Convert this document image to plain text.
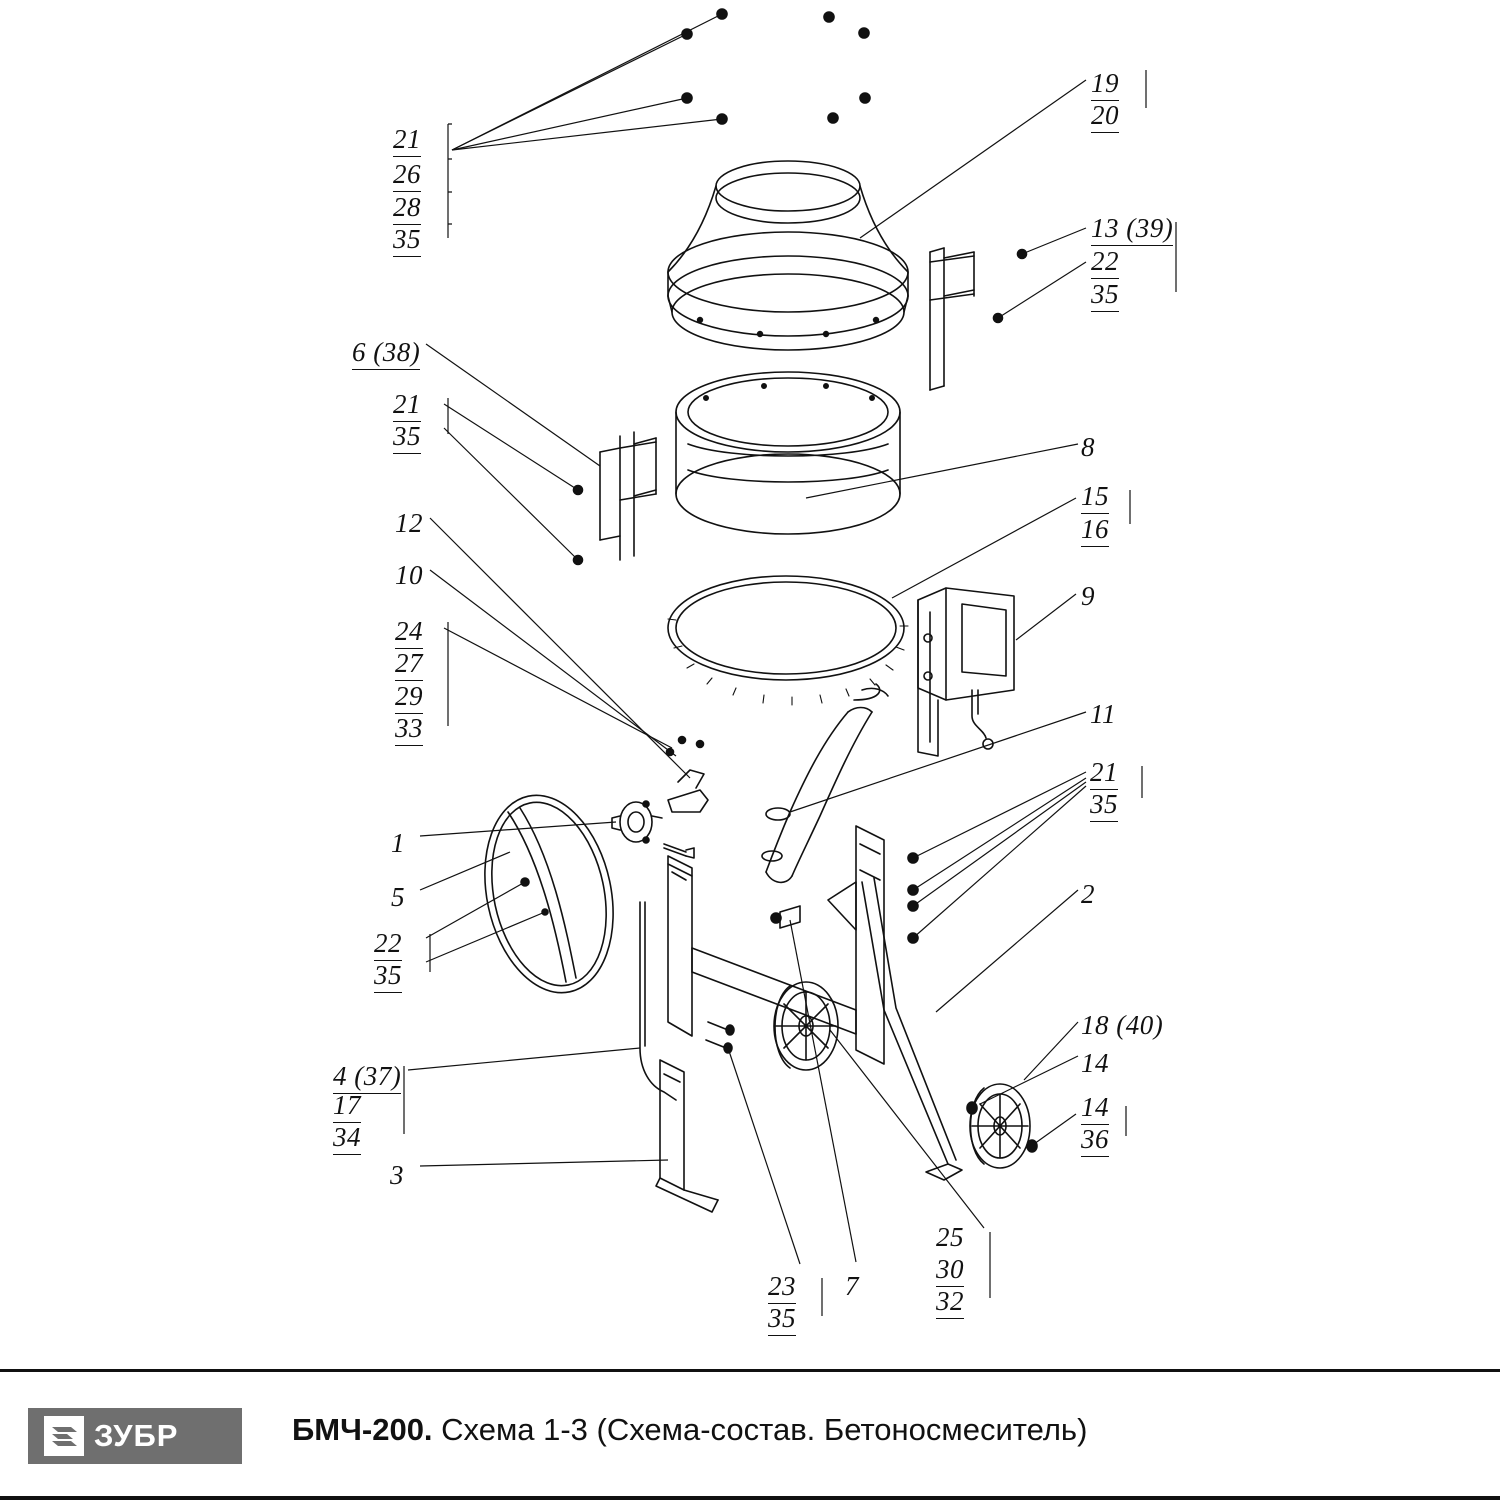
21
26
28
35
19
20
13 (39)
22
35
6 (38)
21
35	8
15
16
9
12
10
24
27
29
33	11
21
35
1
5
22
35
2
14
18 (40)
14
36
4 (37)
17
34
3
25
30
32
23
35
7
ЗУБР	БМЧ-200. Схема 1-3 (Схема-состав. Бетоносмеситель)
